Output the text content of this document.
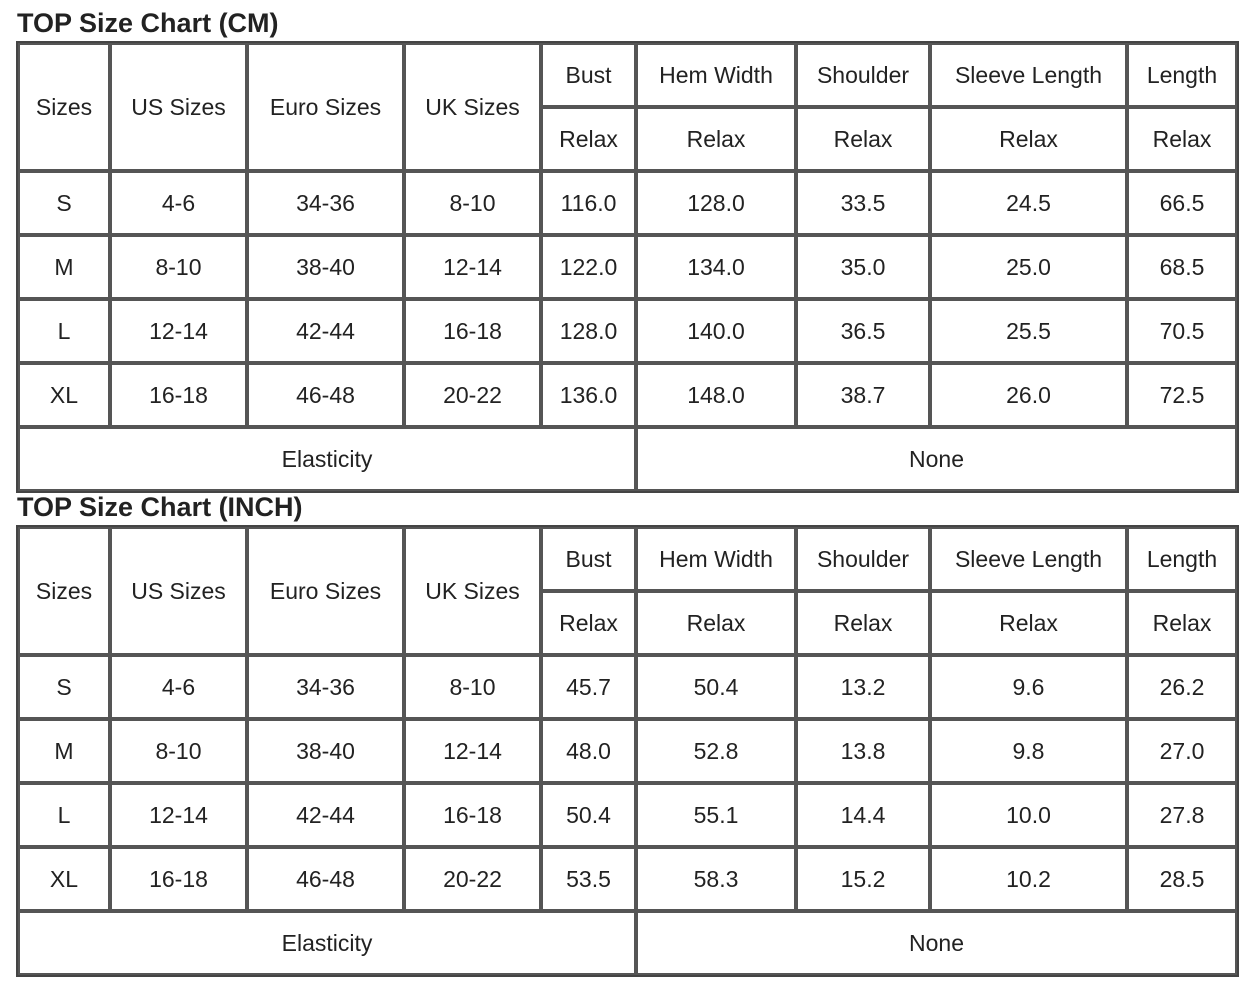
TOP Size Chart (CM)
Sizes	US Sizes	Euro Sizes	UK Sizes	Bust	Hem Width	Shoulder	Sleeve Length	Length
				Relax	Relax	Relax	Relax	Relax
S	4-6	34-36	8-10	116.0	128.0	33.5	24.5	66.5
M	8-10	38-40	12-14	122.0	134.0	35.0	25.0	68.5
L	12-14	42-44	16-18	128.0	140.0	36.5	25.5	70.5
XL	16-18	46-48	20-22	136.0	148.0	38.7	26.0	72.5
Elasticity					None			
TOP Size Chart (INCH)
Sizes	US Sizes	Euro Sizes	UK Sizes	Bust	Hem Width	Shoulder	Sleeve Length	Length
				Relax	Relax	Relax	Relax	Relax
S	4-6	34-36	8-10	45.7	50.4	13.2	9.6	26.2
M	8-10	38-40	12-14	48.0	52.8	13.8	9.8	27.0
L	12-14	42-44	16-18	50.4	55.1	14.4	10.0	27.8
XL	16-18	46-48	20-22	53.5	58.3	15.2	10.2	28.5
Elasticity					None			
